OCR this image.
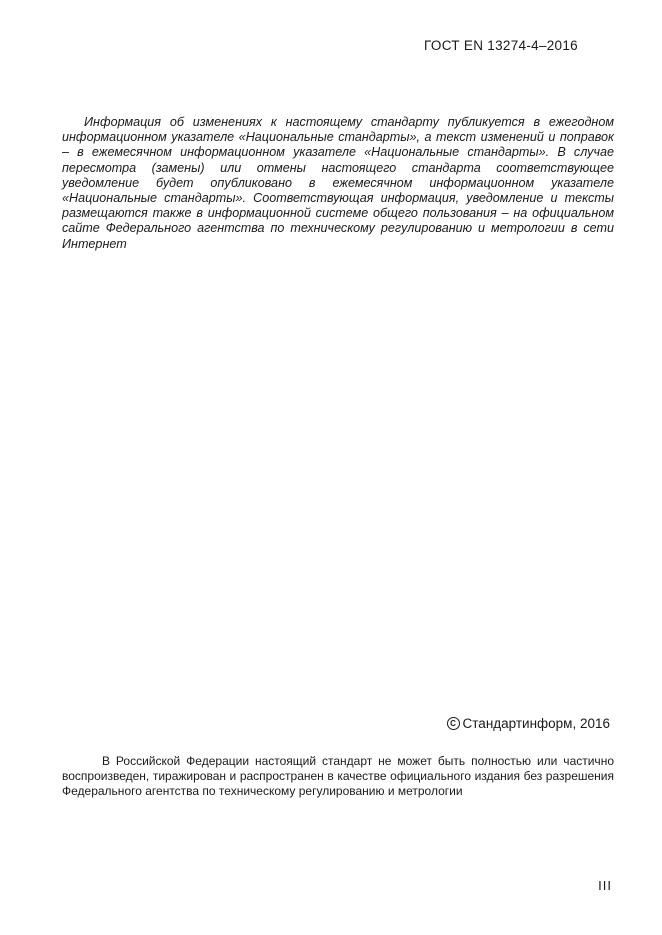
ГОСТ EN 13274-4–2016

Информация об изменениях к настоящему стандарту публикуется в ежегодном информационном указателе «Национальные стандарты», а текст изменений и поправок – в ежемесячном информационном указателе «Национальные стандарты». В случае пересмотра (замены) или отмены настоящего стандарта соответствующее уведомление будет опубликовано в ежемесячном информационном указателе «Национальные стандарты». Соответствующая информация, уведомление и тексты размещаются также в информационной системе общего пользования – на официальном сайте Федерального агентства по техническому регулированию и метрологии в сети Интернет

C Стандартинформ, 2016

В Российской Федерации настоящий стандарт не может быть полностью или частично воспроизведен, тиражирован и распространен в качестве официального издания без разрешения Федерального агентства по техническому регулированию и метрологии

III
